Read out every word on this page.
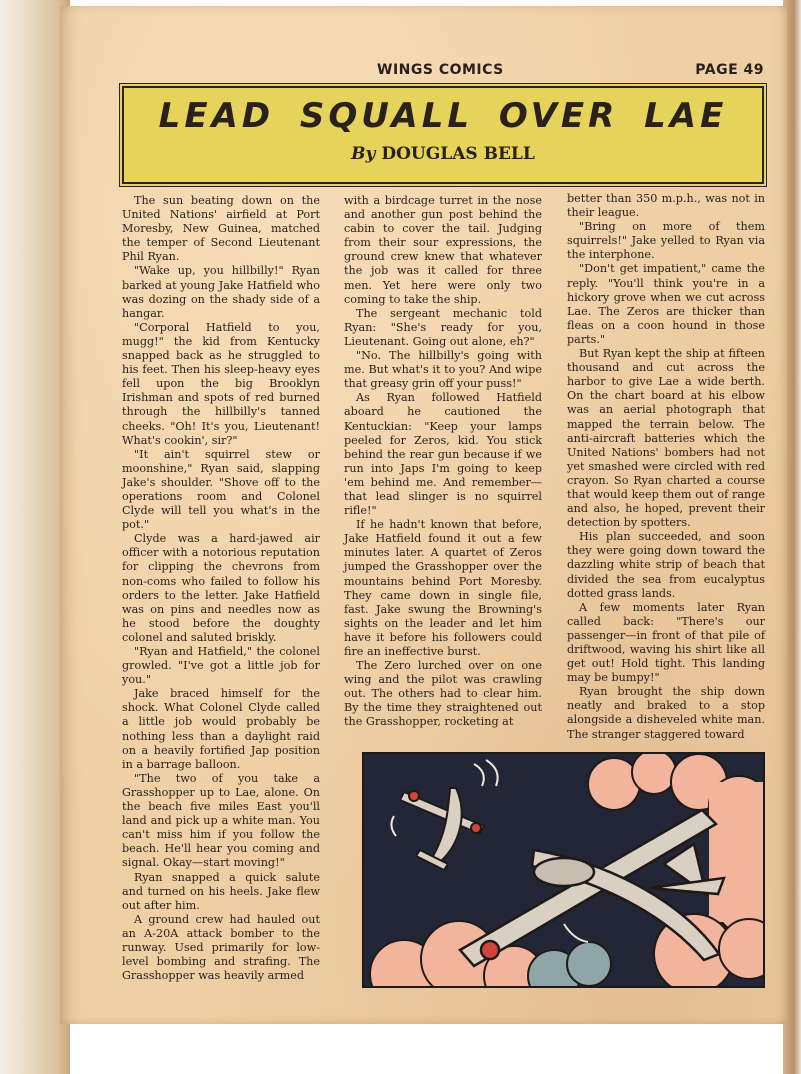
WINGS COMICS	PAGE 49
LEAD SQUALL OVER LAE
By DOUGLAS BELL

The sun beating down on the United Nations' airfield at Port Moresby, New Guinea, matched the temper of Second Lieutenant Phil Ryan.

"Wake up, you hillbilly!" Ryan barked at young Jake Hatfield who was dozing on the shady side of a hangar.

"Corporal Hatfield to you, mugg!" the kid from Kentucky snapped back as he struggled to his feet. Then his sleep-heavy eyes fell upon the big Brooklyn Irishman and spots of red burned through the hillbilly's tanned cheeks. "Oh! It's you, Lieutenant! What's cookin', sir?"

"It ain't squirrel stew or moonshine," Ryan said, slapping Jake's shoulder. "Shove off to the operations room and Colonel Clyde will tell you what's in the pot."

Clyde was a hard-jawed air officer with a notorious reputation for clipping the chevrons from non-coms who failed to follow his orders to the letter. Jake Hatfield was on pins and needles now as he stood before the doughty colonel and saluted briskly.

"Ryan and Hatfield," the colonel growled. "I've got a little job for you."

Jake braced himself for the shock. What Colonel Clyde called a little job would probably be nothing less than a daylight raid on a heavily fortified Jap position in a barrage balloon.

"The two of you take a Grasshopper up to Lae, alone. On the beach five miles East you'll land and pick up a white man. You can't miss him if you follow the beach. He'll hear you coming and signal. Okay—start moving!"

Ryan snapped a quick salute and turned on his heels. Jake flew out after him.

A ground crew had hauled out an A-20A attack bomber to the runway. Used primarily for low-level bombing and strafing. The Grasshopper was heavily armed

with a birdcage turret in the nose and another gun post behind the cabin to cover the tail. Judging from their sour expressions, the ground crew knew that whatever the job was it called for three men. Yet here were only two coming to take the ship.

The sergeant mechanic told Ryan: "She's ready for you, Lieutenant. Going out alone, eh?"

"No. The hillbilly's going with me. But what's it to you? And wipe that greasy grin off your puss!"

As Ryan followed Hatfield aboard he cautioned the Kentuckian: "Keep your lamps peeled for Zeros, kid. You stick behind the rear gun because if we run into Japs I'm going to keep 'em behind me. And remember—that lead slinger is no squirrel rifle!"

If he hadn't known that before, Jake Hatfield found it out a few minutes later. A quartet of Zeros jumped the Grasshopper over the mountains behind Port Moresby. They came down in single file, fast. Jake swung the Browning's sights on the leader and let him have it before his followers could fire an ineffective burst.

The Zero lurched over on one wing and the pilot was crawling out. The others had to clear him. By the time they straightened out the Grasshopper, rocketing at

better than 350 m.p.h., was not in their league.

"Bring on more of them squirrels!" Jake yelled to Ryan via the interphone.

"Don't get impatient," came the reply. "You'll think you're in a hickory grove when we cut across Lae. The Zeros are thicker than fleas on a coon hound in those parts."

But Ryan kept the ship at fifteen thousand and cut across the harbor to give Lae a wide berth. On the chart board at his elbow was an aerial photograph that mapped the terrain below. The anti-aircraft batteries which the United Nations' bombers had not yet smashed were circled with red crayon. So Ryan charted a course that would keep them out of range and also, he hoped, prevent their detection by spotters.

His plan succeeded, and soon they were going down toward the dazzling white strip of beach that divided the sea from eucalyptus dotted grass lands.

A few moments later Ryan called back: "There's our passenger—in front of that pile of driftwood, waving his shirt like all get out! Hold tight. This landing may be bumpy!"

Ryan brought the ship down neatly and braked to a stop alongside a disheveled white man. The stranger staggered toward
